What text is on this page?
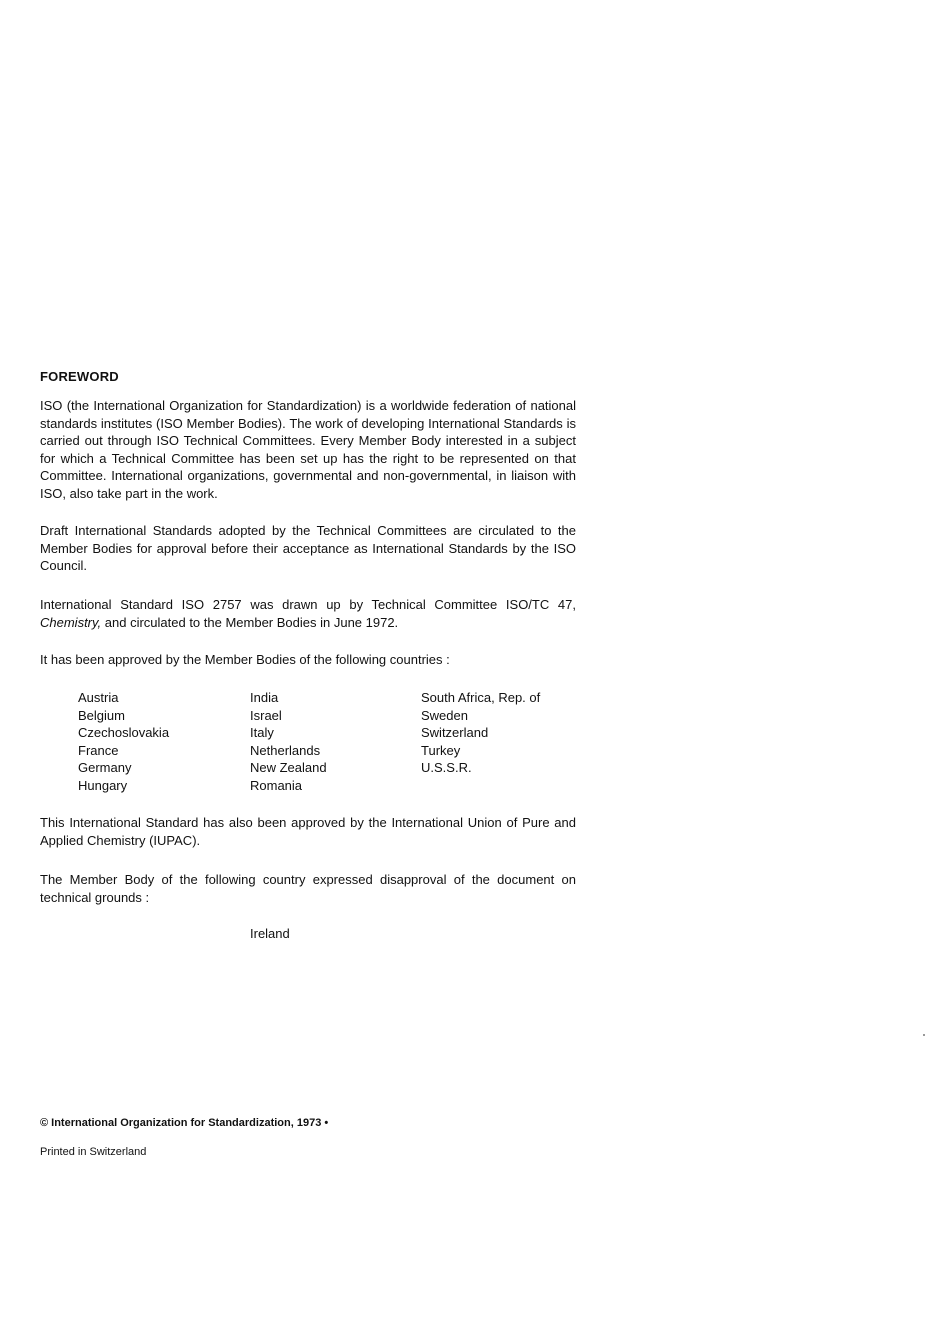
FOREWORD

ISO (the International Organization for Standardization) is a worldwide federation of national standards institutes (ISO Member Bodies). The work of developing International Standards is carried out through ISO Technical Committees. Every Member Body interested in a subject for which a Technical Committee has been set up has the right to be represented on that Committee. International organizations, governmental and non-governmental, in liaison with ISO, also take part in the work.

Draft International Standards adopted by the Technical Committees are circulated to the Member Bodies for approval before their acceptance as International Standards by the ISO Council.

International Standard ISO 2757 was drawn up by Technical Committee ISO/TC 47, Chemistry, and circulated to the Member Bodies in June 1972.

It has been approved by the Member Bodies of the following countries :

Austria
Belgium
Czechoslovakia
France
Germany
Hungary
India
Israel
Italy
Netherlands
New Zealand
Romania
South Africa, Rep. of
Sweden
Switzerland
Turkey
U.S.S.R.

This International Standard has also been approved by the International Union of Pure and Applied Chemistry (IUPAC).

The Member Body of the following country expressed disapproval of the document on technical grounds :

Ireland
© International Organization for Standardization, 1973 •
Printed in Switzerland
